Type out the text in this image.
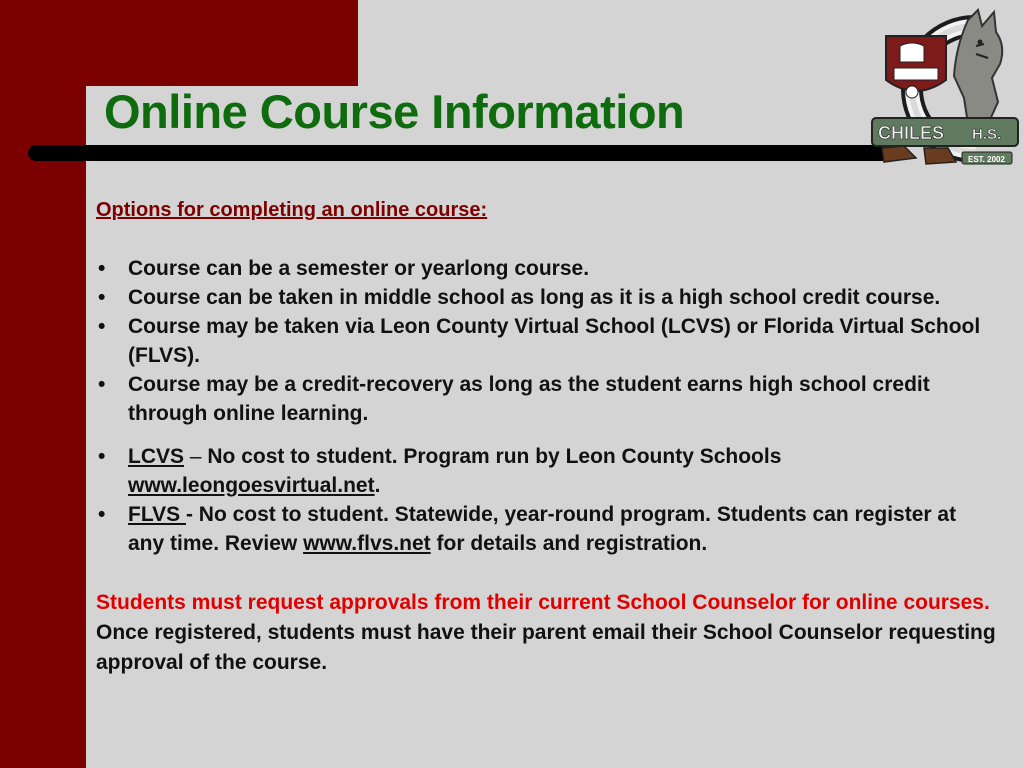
Online Course Information	CHILES H.S.
EST. 2002
Options for completing an online course:
• Course can be a semester or yearlong course.
• Course can be taken in middle school as long as it is a high school credit course.
• Course may be taken via Leon County Virtual School (LCVS) or Florida Virtual School (FLVS).
• Course may be a credit-recovery as long as the student earns high school credit through online learning.
• LCVS – No cost to student. Program run by Leon County Schools
www.leongoesvirtual.net.
• FLVS - No cost to student. Statewide, year-round program. Students can register at any time. Review www.flvs.net for details and registration.
Students must request approvals from their current School Counselor for online courses. Once registered, students must have their parent email their School Counselor requesting approval of the course.
